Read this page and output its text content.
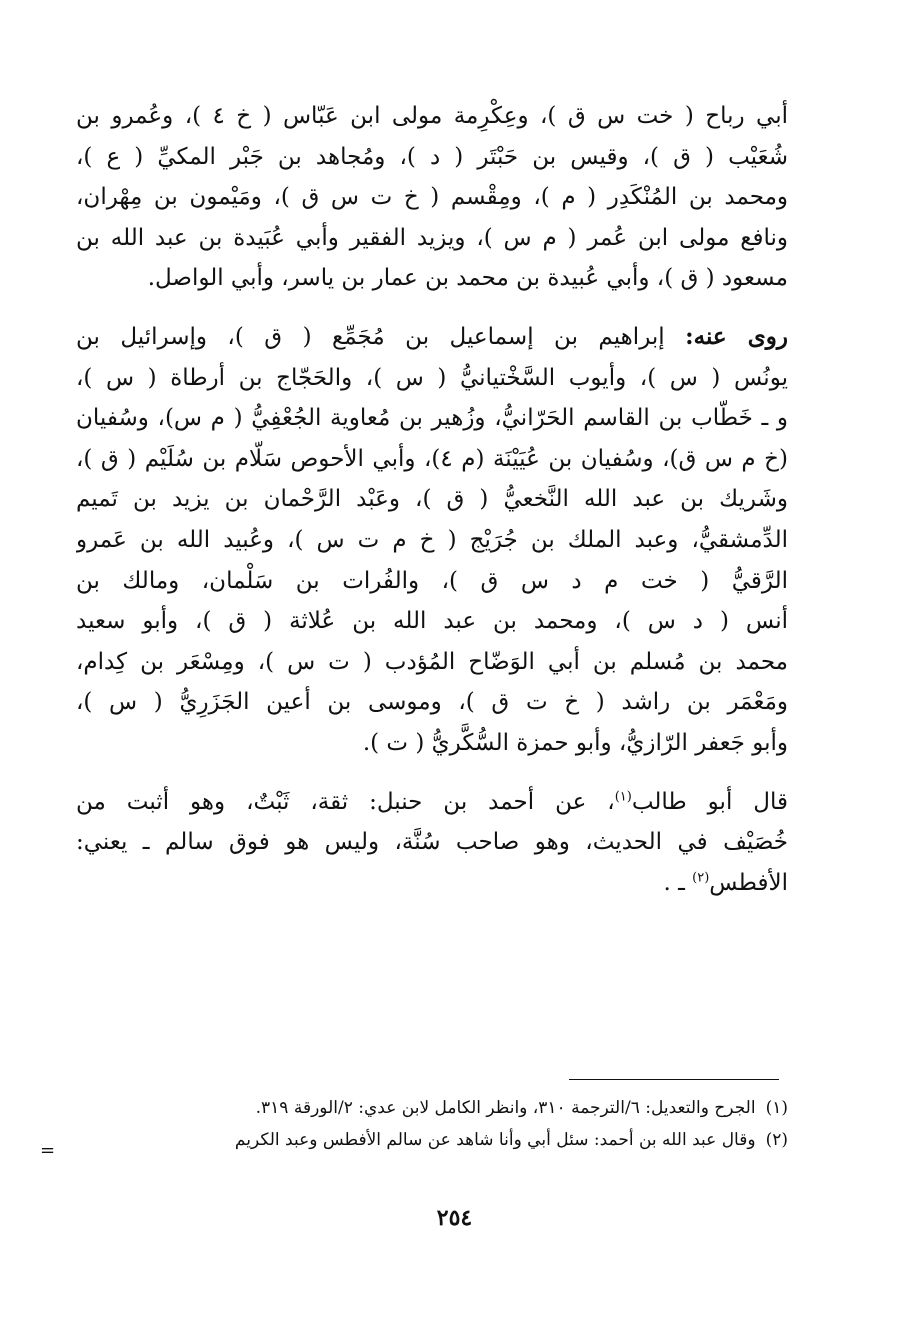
أبي رباح ( خت س ق )، وعِكْرِمة مولى ابن عَبّاس ( خ ٤ )، وعُمرو بن
شُعَيْب ( ق )، وقيس بن حَبْتَر ( د )، ومُجاهد بن جَبْر المكيِّ ( ع )،
ومحمد بن المُنْكَدِر ( م )، ومِقْسم ( خ ت س ق )، ومَيْمون بن مِهْران،
ونافع مولى ابن عُمر ( م س )، ويزيد الفقير وأبي عُبَيدة بن عبد الله بن
مسعود ( ق )، وأبي عُبيدة بن محمد بن عمار بن ياسر، وأبي الواصل.

روى عنه: إبراهيم بن إسماعيل بن مُجَمِّع ( ق )، وإسرائيل بن
يونُس ( س )، وأيوب السَّخْتيانيُّ ( س )، والحَجّاج بن أرطاة ( س )،
و ـ خَطّاب بن القاسم الحَرّانيُّ، وزُهير بن مُعاوية الجُعْفِيُّ ( م س)، وسُفيان
(خ م س ق)، وسُفيان بن عُيَيْنَة (م ٤)، وأبي الأحوص سَلّام بن سُلَيْم ( ق )،
وشَريك بن عبد الله النَّخعيُّ ( ق )، وعَبْد الرَّحْمان بن يزيد بن تَميم
الدِّمشقيُّ، وعبد الملك بن جُرَيْج ( خ م ت س )، وعُبيد الله بن عَمرو
الرَّقيُّ ( خت م د س ق )، والفُرات بن سَلْمان، ومالك بن
أنس ( د س )، ومحمد بن عبد الله بن عُلاثة ( ق )، وأبو سعيد
محمد بن مُسلم بن أبي الوَضّاح المُؤدب ( ت س )، ومِسْعَر بن كِدام،
ومَعْمَر بن راشد ( خ ت ق )، وموسى بن أعين الجَزَرِيُّ ( س )،
وأبو جَعفر الرّازيُّ، وأبو حمزة السُّكَّريُّ ( ت ).

قال أبو طالب$^{(١)}$، عن أحمد بن حنبل: ثقة، ثَبْتٌ، وهو أثبت من
خُصَيْف في الحديث، وهو صاحب سُنَّة، وليس هو فوق سالم ـ يعني:
الأفطس$^{(٢)}$ ـ .

(١)الجرح والتعديل: ٦/الترجمة ٣١٠، وانظر الكامل لابن عدي: ٢/الورقة ٣١٩.
(٢)وقال عبد الله بن أحمد: سئل أبي وأنا شاهد عن سالم الأفطس وعبد الكريم
=
٢٥٤
